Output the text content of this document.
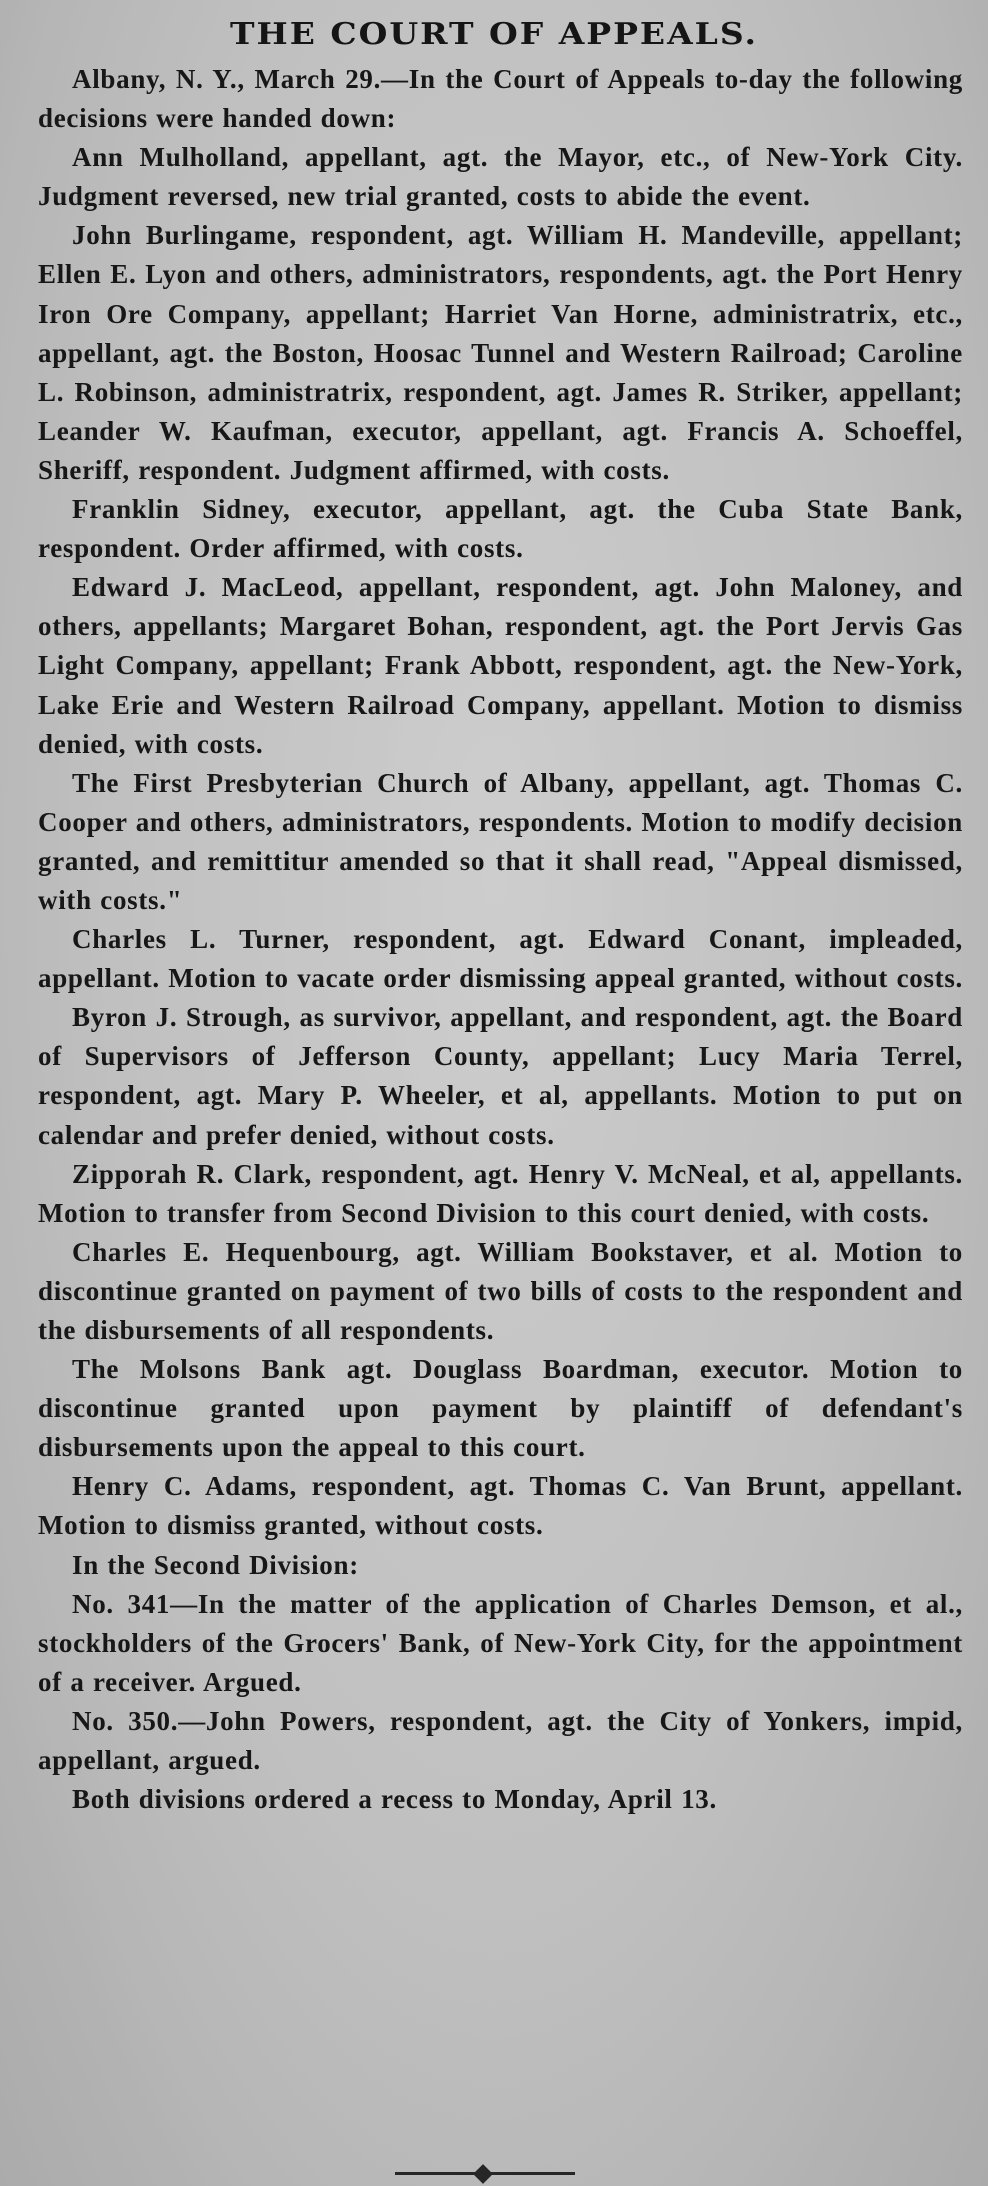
THE COURT OF APPEALS.

Albany, N. Y., March 29.—In the Court of Appeals to-day the following decisions were handed down:

Ann Mulholland, appellant, agt. the Mayor, etc., of New-York City. Judgment reversed, new trial granted, costs to abide the event.

John Burlingame, respondent, agt. William H. Mandeville, appellant; Ellen E. Lyon and others, administrators, respondents, agt. the Port Henry Iron Ore Company, appellant; Harriet Van Horne, administratrix, etc., appellant, agt. the Boston, Hoosac Tunnel and Western Railroad; Caroline L. Robinson, administratrix, respondent, agt. James R. Striker, appellant; Leander W. Kaufman, executor, appellant, agt. Francis A. Schoeffel, Sheriff, respondent. Judgment affirmed, with costs.

Franklin Sidney, executor, appellant, agt. the Cuba State Bank, respondent. Order affirmed, with costs.

Edward J. MacLeod, appellant, respondent, agt. John Maloney, and others, appellants; Margaret Bohan, respondent, agt. the Port Jervis Gas Light Company, appellant; Frank Abbott, respondent, agt. the New-York, Lake Erie and Western Railroad Company, appellant. Motion to dismiss denied, with costs.

The First Presbyterian Church of Albany, appellant, agt. Thomas C. Cooper and others, administrators, respondents. Motion to modify decision granted, and remittitur amended so that it shall read, "Appeal dismissed, with costs."

Charles L. Turner, respondent, agt. Edward Conant, impleaded, appellant. Motion to vacate order dismissing appeal granted, without costs.

Byron J. Strough, as survivor, appellant, and respondent, agt. the Board of Supervisors of Jefferson County, appellant; Lucy Maria Terrel, respondent, agt. Mary P. Wheeler, et al, appellants. Motion to put on calendar and prefer denied, without costs.

Zipporah R. Clark, respondent, agt. Henry V. McNeal, et al, appellants. Motion to transfer from Second Division to this court denied, with costs.

Charles E. Hequenbourg, agt. William Bookstaver, et al. Motion to discontinue granted on payment of two bills of costs to the respondent and the disbursements of all respondents.

The Molsons Bank agt. Douglass Boardman, executor. Motion to discontinue granted upon payment by plaintiff of defendant's disbursements upon the appeal to this court.

Henry C. Adams, respondent, agt. Thomas C. Van Brunt, appellant. Motion to dismiss granted, without costs.

In the Second Division:

No. 341—In the matter of the application of Charles Demson, et al., stockholders of the Grocers' Bank, of New-York City, for the appointment of a receiver. Argued.

No. 350.—John Powers, respondent, agt. the City of Yonkers, impid, appellant, argued.

Both divisions ordered a recess to Monday, April 13.
